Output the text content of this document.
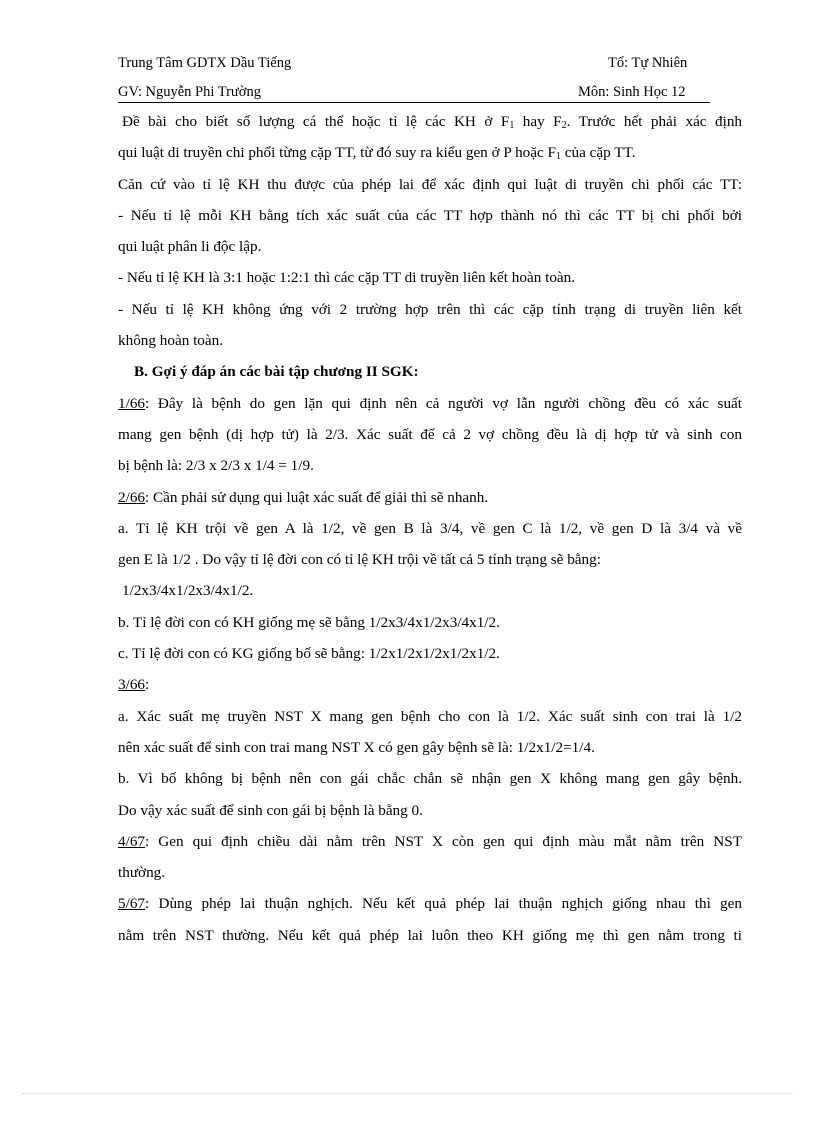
Trung Tâm GDTX Dầu Tiếng	Tổ: Tự Nhiên
GV: Nguyễn Phi Trường	Môn: Sinh Học 12
Đề bài cho biết số lượng cá thể hoặc tỉ lệ các KH ở $F_1$ hay $F_2$. Trước hết phải xác định
qui luật di truyền chi phối từng cặp TT, từ đó suy ra kiểu gen ở P hoặc $F_1$ của cặp TT.
Căn cứ vào tỉ lệ KH thu được của phép lai để xác định qui luật di truyền chi phối các TT:
- Nếu tỉ lệ mỗi KH bằng tích xác suất của các TT hợp thành nó thì các TT bị chi phối bởi
qui luật phân li độc lập.
- Nếu tỉ lệ KH là 3:1 hoặc 1:2:1 thì các cặp TT di truyền liên kết hoàn toàn.
- Nếu tỉ lệ KH không ứng với 2 trường hợp trên thì các cặp tính trạng di truyền liên kết
không hoàn toàn.
B. Gợi ý đáp án các bài tập chương II SGK:
1/66: Đây là bệnh do gen lặn qui định nên cả người vợ lẫn người chồng đều có xác suất
mang gen bệnh (dị hợp tử) là 2/3. Xác suất để cả 2 vợ chồng đều là dị hợp tử và sinh con
bị bệnh là: 2/3 x 2/3 x 1/4 = 1/9.
2/66: Cần phải sử dụng qui luật xác suất để giải thì sẽ nhanh.
a. Tỉ lệ KH trội về gen A là 1/2, về gen B là 3/4, về gen C là 1/2, về gen D là 3/4 và về
gen E là 1/2 . Do vậy tỉ lệ đời con có tỉ lệ KH trội về tất cả 5 tính trạng sẽ bằng:
1/2x3/4x1/2x3/4x1/2.
b. Tỉ lệ đời con có KH giống mẹ sẽ bằng 1/2x3/4x1/2x3/4x1/2.
c. Tỉ lệ đời con có KG giống bố sẽ bằng: 1/2x1/2x1/2x1/2x1/2.
3/66:
a. Xác suất mẹ truyền NST X mang gen bệnh cho con là 1/2. Xác suất sinh con trai là 1/2
nên xác suất để sinh con trai mang NST X có gen gây bệnh sẽ là: 1/2x1/2=1/4.
b. Vì bố không bị bệnh nên con gái chắc chắn sẽ nhận gen X không mang gen gây bệnh.
Do vậy xác suất để sinh con gái bị bệnh là bằng 0.
4/67: Gen qui định chiều dài nằm trên NST X còn gen qui định màu mắt nằm trên NST
thường.
5/67: Dùng phép lai thuận nghịch. Nếu kết quả phép lai thuận nghịch giống nhau thì gen
nằm trên NST thường. Nếu kết quả phép lai luôn theo KH giống mẹ thì gen nằm trong ti
